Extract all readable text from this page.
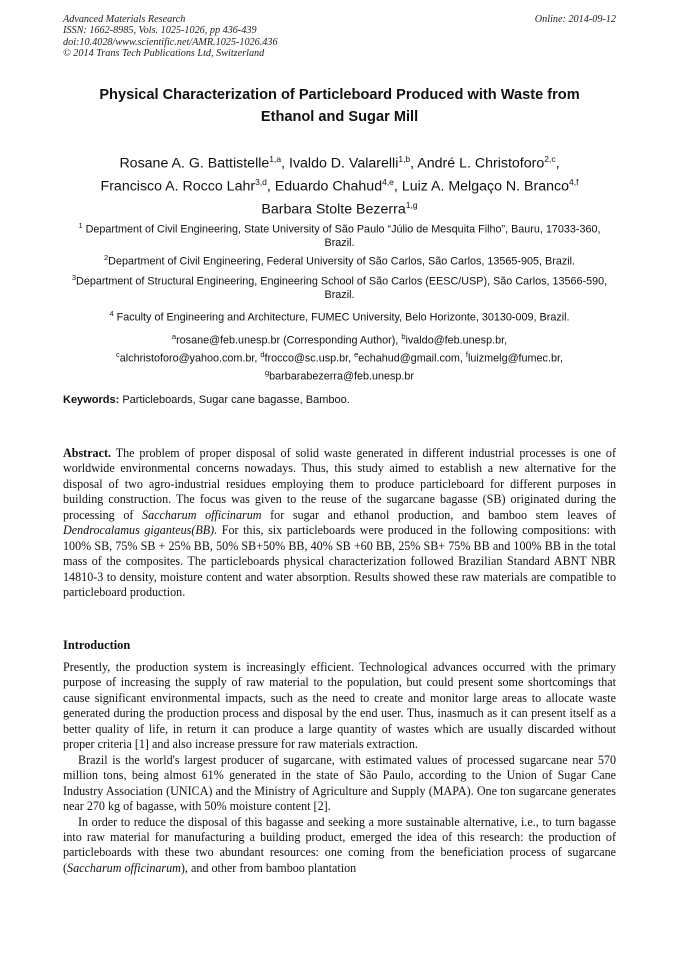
Advanced Materials Research
ISSN: 1662-8985, Vols. 1025-1026, pp 436-439
doi:10.4028/www.scientific.net/AMR.1025-1026.436
© 2014 Trans Tech Publications Ltd, Switzerland
Online: 2014-09-12
Physical Characterization of Particleboard Produced with Waste from
Ethanol and Sugar Mill
Rosane A. G. Battistelle$^{1,a}$, Ivaldo D. Valarelli$^{1,b}$, André L. Christoforo$^{2,c}$,
Francisco A. Rocco Lahr$^{3,d}$, Eduardo Chahud$^{4,e}$, Luiz A. Melgaço N. Branco$^{4,f}$
Barbara Stolte Bezerra$^{1,g}$
$^1$ Department of Civil Engineering, State University of São Paulo “Júlio de Mesquita Filho”, Bauru, 17033-360, Brazil.
$^2$Department of Civil Engineering, Federal University of São Carlos, São Carlos, 13565-905, Brazil.
$^3$Department of Structural Engineering, Engineering School of São Carlos (EESC/USP), São Carlos, 13566-590, Brazil.
$^4$ Faculty of Engineering and Architecture, FUMEC University, Belo Horizonte, 30130-009, Brazil.
$^a$rosane@feb.unesp.br (Corresponding Author), $^b$ivaldo@feb.unesp.br,
$^c$alchristoforo@yahoo.com.br, $^d$frocco@sc.usp.br, $^e$echahud@gmail.com, $^f$luizmelg@fumec.br,
$^g$barbarabezerra@feb.unesp.br
Keywords: Particleboards, Sugar cane bagasse, Bamboo.

Abstract. The problem of proper disposal of solid waste generated in different industrial processes is one of worldwide environmental concerns nowadays. Thus, this study aimed to establish a new alternative for the disposal of two agro-industrial residues employing them to produce particleboard for different purposes in building construction. The focus was given to the reuse of the sugarcane bagasse (SB) originated during the processing of Saccharum officinarum for sugar and ethanol production, and bamboo stem leaves of Dendrocalamus giganteus(BB). For this, six particleboards were produced in the following compositions: with 100% SB, 75% SB + 25% BB, 50% SB+50% BB, 40% SB +60 BB, 25% SB+ 75% BB and 100% BB in the total mass of the composites. The particleboards physical characterization followed Brazilian Standard ABNT NBR 14810-3 to density, moisture content and water absorption. Results showed these raw materials are compatible to particleboard production.

Introduction

Presently, the production system is increasingly efficient. Technological advances occurred with the primary purpose of increasing the supply of raw material to the population, but could present some shortcomings that cause significant environmental impacts, such as the need to create and monitor large areas to allocate waste generated during the production process and disposal by the end user. Thus, inasmuch as it can present itself as a better quality of life, in return it can produce a large quantity of wastes which are usually discarded without proper criteria [1] and also increase pressure for raw materials extraction.

Brazil is the world's largest producer of sugarcane, with estimated values of processed sugarcane near 570 million tons, being almost 61% generated in the state of São Paulo, according to the Union of Sugar Cane Industry Association (UNICA) and the Ministry of Agriculture and Supply (MAPA). One ton sugarcane generates near 270 kg of bagasse, with 50% moisture content [2].

In order to reduce the disposal of this bagasse and seeking a more sustainable alternative, i.e., to turn bagasse into raw material for manufacturing a building product, emerged the idea of this research: the production of particleboards with these two abundant resources: one coming from the beneficiation process of sugarcane (Saccharum officinarum), and other from bamboo plantation
